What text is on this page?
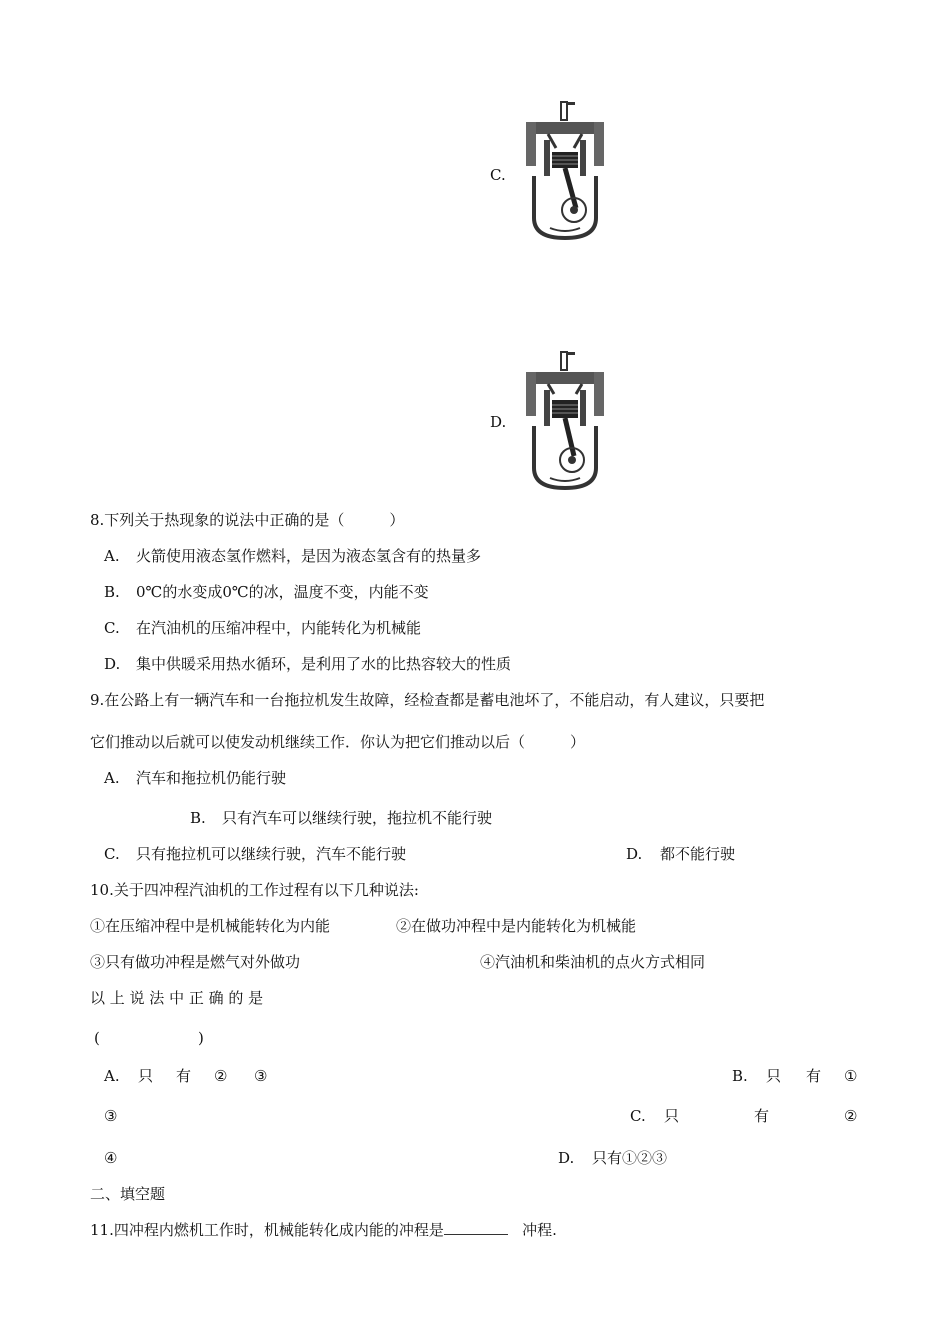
C.
D.
8.下列关于热现象的说法中正确的是（　　　）
A. 火箭使用液态氢作燃料，是因为液态氢含有的热量多
B. 0℃的水变成0℃的冰，温度不变，内能不变
C. 在汽油机的压缩冲程中，内能转化为机械能
D. 集中供暖采用热水循环，是利用了水的比热容较大的性质
9.在公路上有一辆汽车和一台拖拉机发生故障，经检查都是蓄电池坏了，不能启动，有人建议，只要把
它们推动以后就可以使发动机继续工作．你认为把它们推动以后（　　　）
A. 汽车和拖拉机仍能行驶
B. 只有汽车可以继续行驶，拖拉机不能行驶
C. 只有拖拉机可以继续行驶，汽车不能行驶	D. 都不能行驶
10.关于四冲程汽油机的工作过程有以下几种说法:
①在压缩冲程中是机械能转化为内能	②在做功冲程中是内能转化为机械能
③只有做功冲程是燃气对外做功	④汽油机和柴油机的点火方式相同
以 上 说 法 中 正 确 的 是
(	)
A. 只 有 ② ③	B. 只 有 ①
③	C. 只	有	②
④	D. 只有①②③
二、填空题
11.四冲程内燃机工作时，机械能转化成内能的冲程是	冲程.
